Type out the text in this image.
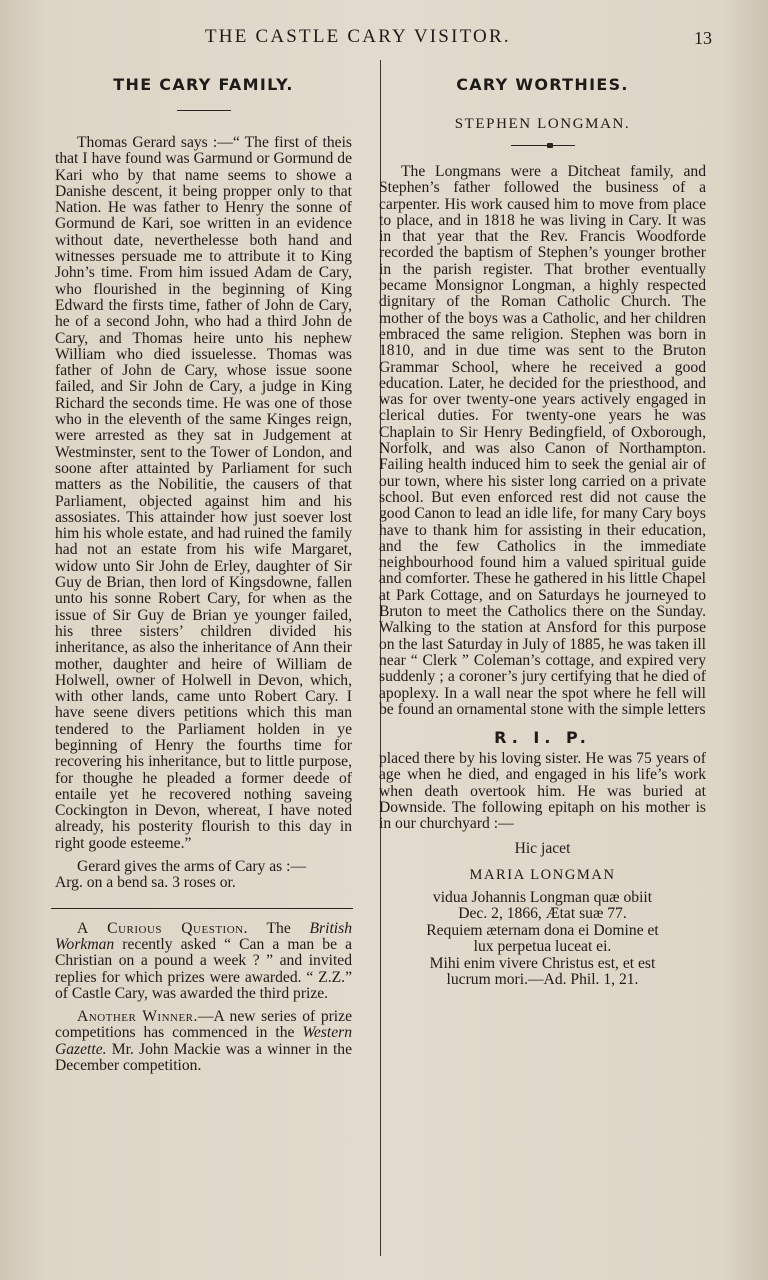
THE CASTLE CARY VISITOR.	13
THE CARY FAMILY.

Thomas Gerard says :—“ The first of theis that I have found was Garmund or Gormund de Kari who by that name seems to showe a Danishe descent, it being propper only to that Nation. He was father to Henry the sonne of Gormund de Kari, soe written in an evidence without date, neverthelesse both hand and witnesses persuade me to attribute it to King John’s time. From him issued Adam de Cary, who flourished in the beginning of King Edward the firsts time, father of John de Cary, he of a second John, who had a third John de Cary, and Thomas heire unto his nephew William who died issuelesse. Thomas was father of John de Cary, whose issue soone failed, and Sir John de Cary, a judge in King Richard the seconds time. He was one of those who in the eleventh of the same Kinges reign, were arrested as they sat in Judgement at Westminster, sent to the Tower of London, and soone after attainted by Parliament for such matters as the Nobilitie, the causers of that Parliament, objected against him and his assosiates. This attainder how just soever lost him his whole estate, and had ruined the family had not an estate from his wife Margaret, widow unto Sir John de Erley, daughter of Sir Guy de Brian, then lord of Kingsdowne, fallen unto his sonne Robert Cary, for when as the issue of Sir Guy de Brian ye younger failed, his three sisters’ children divided his inheritance, as also the inheritance of Ann their mother, daughter and heire of William de Holwell, owner of Holwell in Devon, which, with other lands, came unto Robert Cary. I have seene divers petitions which this man tendered to the Parliament holden in ye beginning of Henry the fourths time for recovering his inheritance, but to little purpose, for thoughe he pleaded a former deede of entaile yet he recovered nothing saveing Cockington in Devon, whereat, I have noted already, his posterity flourish to this day in right goode esteeme.”

Gerard gives the arms of Cary as :—

Arg. on a bend sa. 3 roses or.

A Curious Question. The British Workman recently asked “ Can a man be a Christian on a pound a week ? ” and invited replies for which prizes were awarded. “ Z.Z.” of Castle Cary, was awarded the third prize.

Another Winner.—A new series of prize competitions has commenced in the Western Gazette. Mr. John Mackie was a winner in the December competition.

CARY WORTHIES.
STEPHEN LONGMAN.

The Longmans were a Ditcheat family, and Stephen’s father followed the business of a carpenter. His work caused him to move from place to place, and in 1818 he was living in Cary. It was in that year that the Rev. Francis Woodforde recorded the baptism of Stephen’s younger brother in the parish register. That brother eventually became Monsignor Longman, a highly respected dignitary of the Roman Catholic Church. The mother of the boys was a Catholic, and her children embraced the same religion. Stephen was born in 1810, and in due time was sent to the Bruton Grammar School, where he received a good education. Later, he decided for the priesthood, and was for over twenty-one years actively engaged in clerical duties. For twenty-one years he was Chaplain to Sir Henry Bedingfield, of Oxborough, Norfolk, and was also Canon of Northampton. Failing health induced him to seek the genial air of our town, where his sister long carried on a private school. But even enforced rest did not cause the good Canon to lead an idle life, for many Cary boys have to thank him for assisting in their education, and the few Catholics in the immediate neighbourhood found him a valued spiritual guide and comforter. These he gathered in his little Chapel at Park Cottage, and on Saturdays he journeyed to Bruton to meet the Catholics there on the Sunday. Walking to the station at Ansford for this purpose on the last Saturday in July of 1885, he was taken ill near “ Clerk ” Coleman’s cottage, and expired very suddenly ; a coroner’s jury certifying that he died of apoplexy. In a wall near the spot where he fell will be found an ornamental stone with the simple letters

R. I. P.

placed there by his loving sister. He was 75 years of age when he died, and engaged in his life’s work when death overtook him. He was buried at Downside. The following epitaph on his mother is in our churchyard :—

Hic jacet
MARIA LONGMAN

vidua Johannis Longman quæ obiit

Dec. 2, 1866, Ætat suæ 77.

Requiem æternam dona ei Domine et

lux perpetua luceat ei.

Mihi enim vivere Christus est, et est

lucrum mori.—Ad. Phil. 1, 21.
